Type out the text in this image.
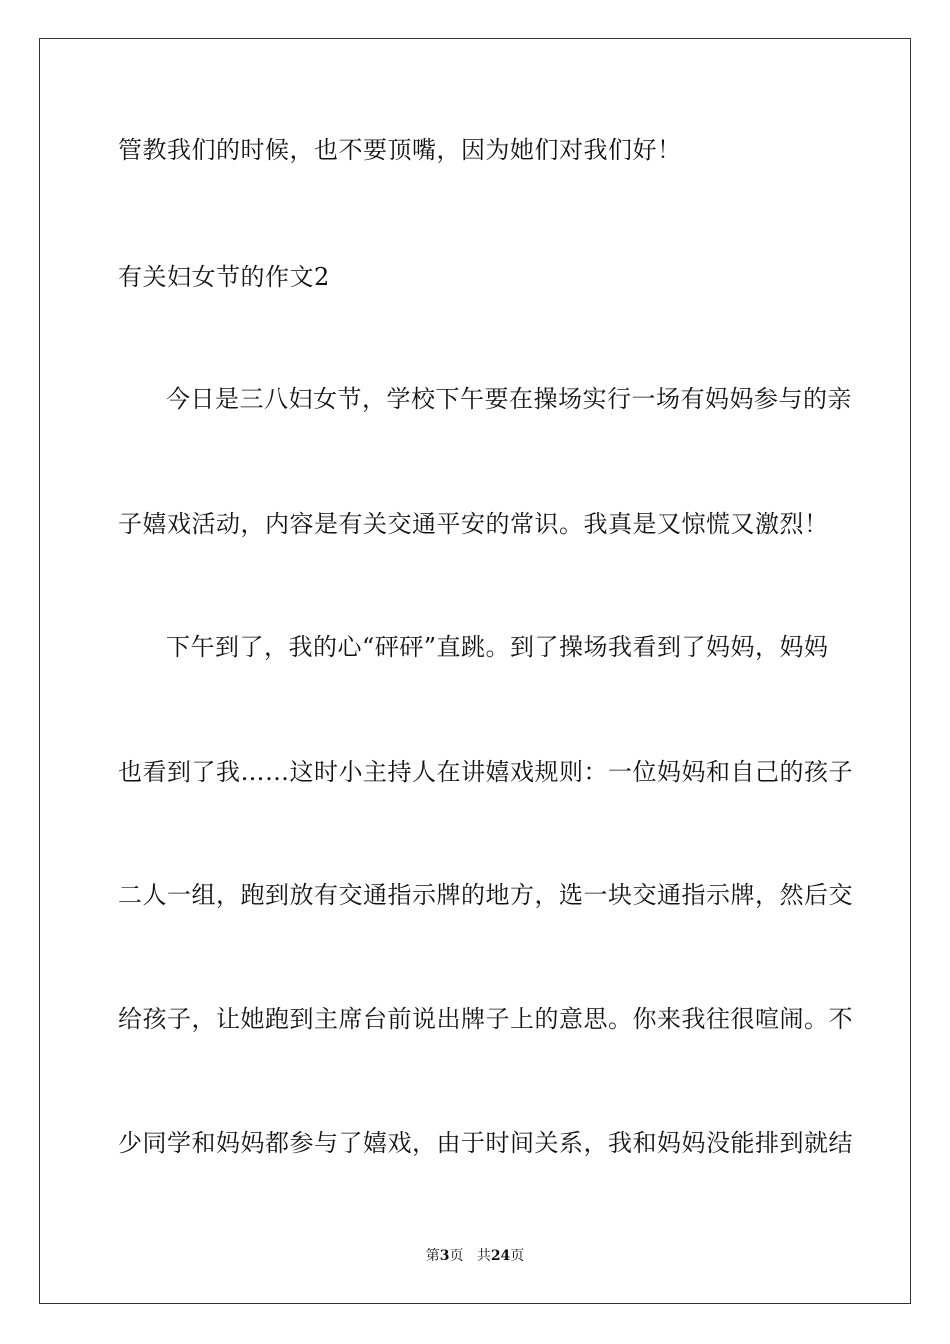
管教我们的时候，也不要顶嘴，因为她们对我们好！
有关妇女节的作文2
今日是三八妇女节，学校下午要在操场实行一场有妈妈参与的亲
子嬉戏活动，内容是有关交通平安的常识。我真是又惊慌又激烈！
下午到了，我的心“砰砰”直跳。到了操场我看到了妈妈，妈妈
也看到了我……这时小主持人在讲嬉戏规则：一位妈妈和自己的孩子
二人一组，跑到放有交通指示牌的地方，选一块交通指示牌，然后交
给孩子，让她跑到主席台前说出牌子上的意思。你来我往很喧闹。不
少同学和妈妈都参与了嬉戏，由于时间关系，我和妈妈没能排到就结
第3页 共24页
